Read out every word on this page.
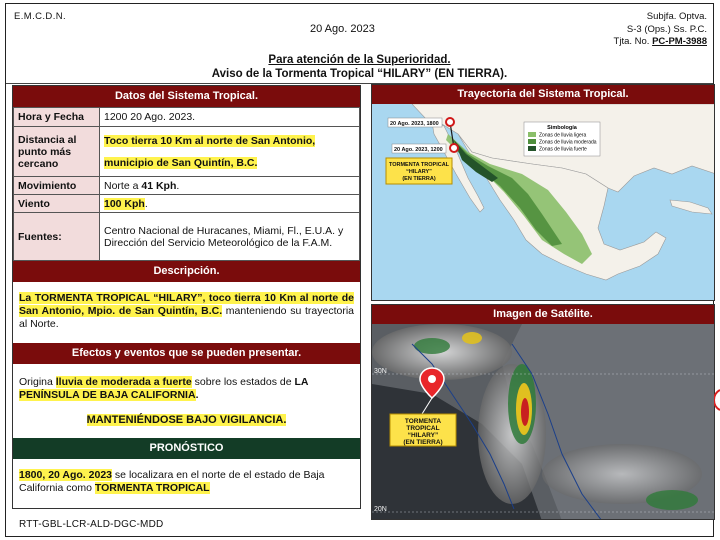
E.M.C.D.N.
20 Ago. 2023
Subjfa. Optva.
S-3 (Ops.) Ss. P.C.
Tjta. No. PC-PM-3988
Para atención de la Superioridad.
Aviso de la Tormenta Tropical “HILARY” (EN TIERRA).
Datos del Sistema Tropical.
Hora y Fecha	1200 20 Ago. 2023.
Distancia al punto más cercano	Toco tierra 10 Km al norte de San Antonio, municipio de San Quintín, B.C.
Movimiento	Norte a 41 Kph.
Viento	100 Kph.
Fuentes:	Centro Nacional de Huracanes, Miami, Fl., E.U.A. y Dirección del Servicio Meteorológico de la F.A.M.
Descripción.
La TORMENTA TROPICAL “HILARY”, toco tierra 10 Km al norte de San Antonio, Mpio. de San Quintín, B.C. manteniendo su trayectoria al Norte.
Efectos y eventos que se pueden presentar.
Origina lluvia de moderada a fuerte sobre los estados de LA PENÍNSULA DE BAJA CALIFORNIA.
MANTENIÉNDOSE BAJO VIGILANCIA.
PRONÓSTICO
1800, 20 Ago. 2023 se localizara en el norte de el estado de Baja California como TORMENTA TROPICAL
RTT-GBL-LCR-ALD-DGC-MDD
Trayectoria del Sistema Tropical.
20 Ago. 2023, 1800
20 Ago. 2023, 1200
TORMENTA TROPICAL “HILARY” (EN TIERRA)
Simbología
Zonas de lluvia ligera
Zonas de lluvia moderada
Zonas de lluvia fuerte
Imagen de Satélite.
30N
20N
TORMENTA TROPICAL “HILARY” (EN TIERRA)
